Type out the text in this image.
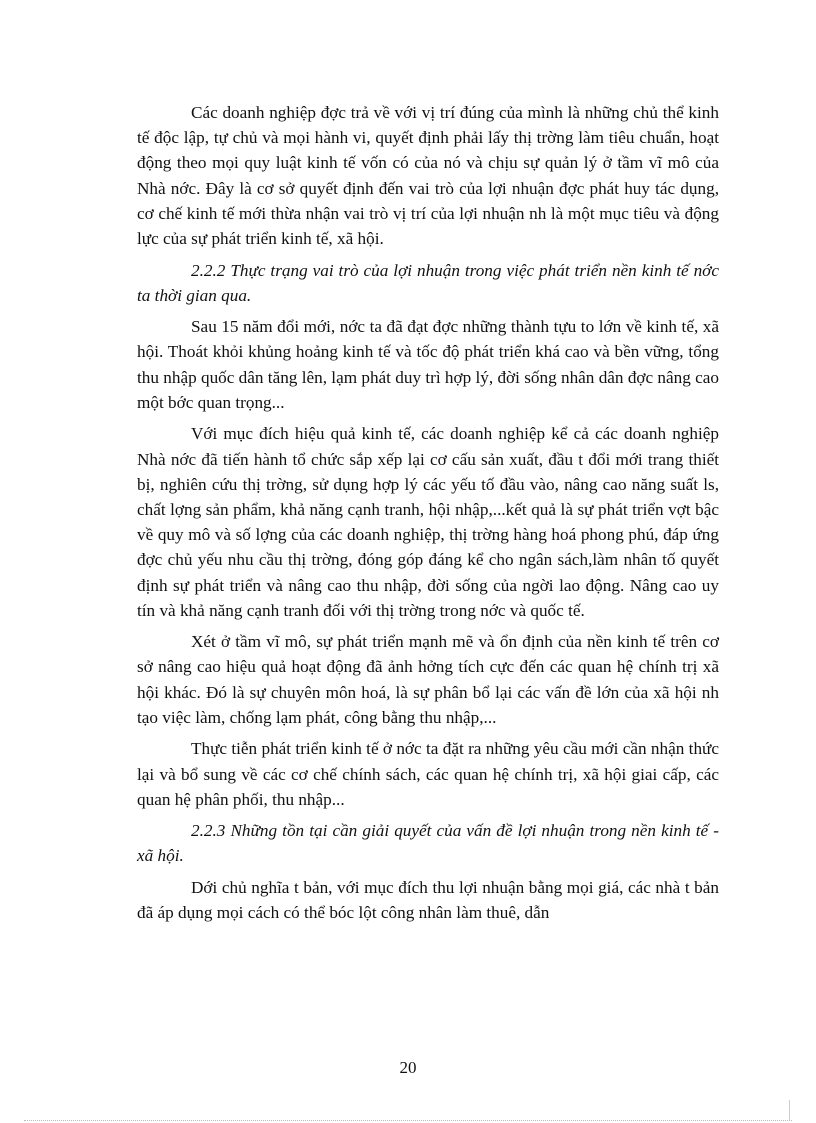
Các doanh nghiệp đợc trả về với vị trí đúng của mình là những chủ thể kinh tế độc lập, tự chủ và mọi hành vi, quyết định phải lấy thị trờng làm tiêu chuẩn, hoạt động theo mọi quy luật kinh tế vốn có của nó và chịu sự quản lý ở tầm vĩ mô của Nhà nớc. Đây là cơ sở quyết định đến vai trò của lợi nhuận đợc phát huy tác dụng, cơ chế kinh tế mới thừa nhận vai trò vị trí của lợi nhuận nh là một mục tiêu và động lực của sự phát triển kinh tế, xã hội.

2.2.2 Thực trạng vai trò của lợi nhuận trong việc phát triển nền kinh tế nớc ta thời gian qua.

Sau 15 năm đổi mới, nớc ta đã đạt đợc những thành tựu to lớn về kinh tế, xã hội. Thoát khỏi khủng hoảng kinh tế và tốc độ phát triển khá cao và bền vững, tổng thu nhập quốc dân tăng lên, lạm phát duy trì hợp lý, đời sống nhân dân đợc nâng cao một bớc quan trọng...

Với mục đích hiệu quả kinh tế, các doanh nghiệp kể cả các doanh nghiệp Nhà nớc đã tiến hành tổ chức sắp xếp lại cơ cấu sản xuất, đầu t đổi mới trang thiết bị, nghiên cứu thị trờng, sử dụng hợp lý các yếu tố đầu vào, nâng cao năng suất ls, chất lợng sản phẩm, khả năng cạnh tranh, hội nhập,...kết quả là sự phát triển vợt bậc về quy mô và số lợng của các doanh nghiệp, thị trờng hàng hoá phong phú, đáp ứng đợc chủ yếu nhu cầu thị trờng, đóng góp đáng kể cho ngân sách,làm nhân tố quyết định sự phát triển và nâng cao thu nhập, đời sống của ngời lao động. Nâng cao uy tín và khả năng cạnh tranh đối với thị trờng trong nớc và quốc tế.

Xét ở tầm vĩ mô, sự phát triển mạnh mẽ và ổn định của nền kinh tế trên cơ sở nâng cao hiệu quả hoạt động đã ảnh hởng tích cực đến các quan hệ chính trị xã hội khác. Đó là sự chuyên môn hoá, là sự phân bổ lại các vấn đề lớn của xã hội nh tạo việc làm, chống lạm phát, công bằng thu nhập,...

Thực tiễn phát triển kinh tế ở nớc ta đặt ra những yêu cầu mới cần nhận thức lại và bổ sung về các cơ chế chính sách, các quan hệ chính trị, xã hội giai cấp, các quan hệ phân phối, thu nhập...

2.2.3 Những tồn tại cần giải quyết của vấn đề lợi nhuận trong nền kinh tế - xã hội.

Dới chủ nghĩa t bản, với mục đích thu lợi nhuận bằng mọi giá, các nhà t bản đã áp dụng mọi cách có thể bóc lột công nhân làm thuê, dẫn

20
